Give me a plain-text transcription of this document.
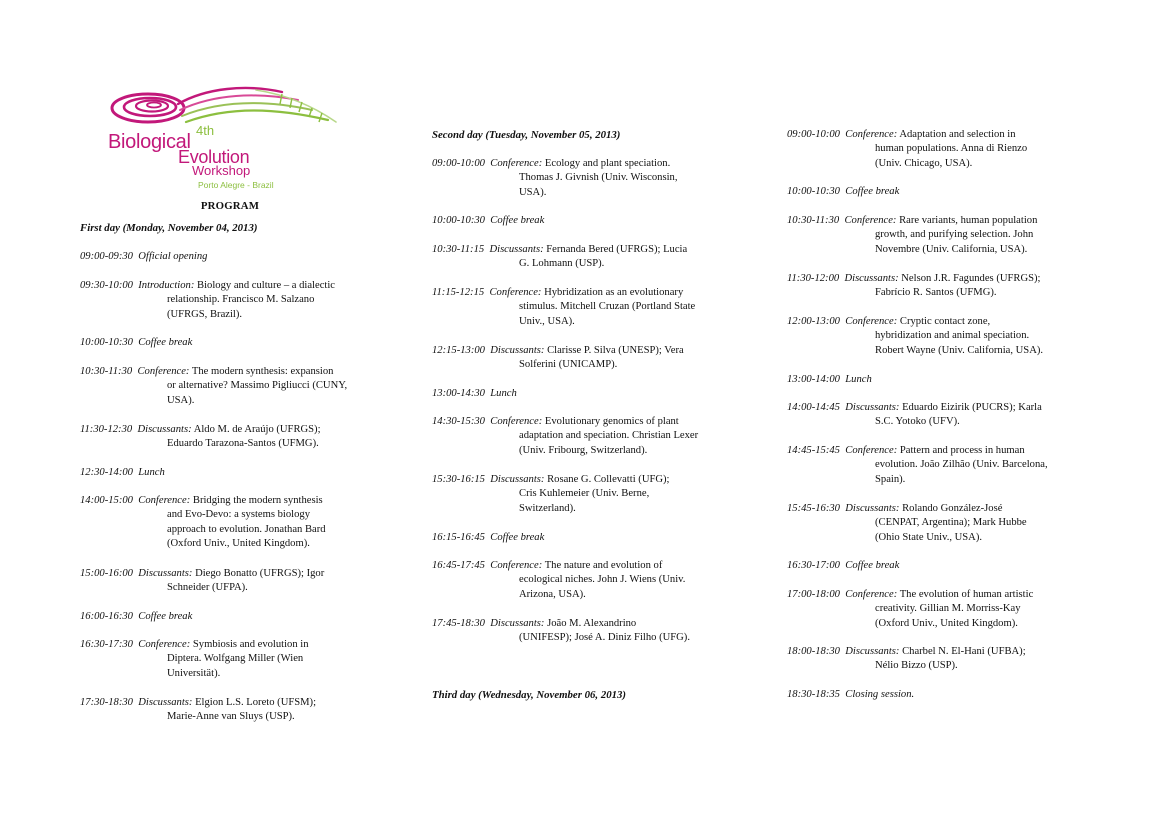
4th
Biological
Evolution
Workshop
Porto Alegre - Brazil
PROGRAM
First day (Monday, November 04, 2013)
Second day (Tuesday, November 05, 2013)
Third day (Wednesday, November 06, 2013)
09:00-09:30 Official opening
09:30-10:00 Introduction: Biology and culture – a dialectic
relationship. Francisco M. Salzano
(UFRGS, Brazil).
10:00-10:30 Coffee break
10:30-11:30 Conference: The modern synthesis: expansion
or alternative? Massimo Pigliucci (CUNY,
USA).
11:30-12:30 Discussants: Aldo M. de Araújo (UFRGS);
Eduardo Tarazona-Santos (UFMG).
12:30-14:00 Lunch
14:00-15:00 Conference: Bridging the modern synthesis
and Evo-Devo: a systems biology
approach to evolution. Jonathan Bard
(Oxford Univ., United Kingdom).
15:00-16:00 Discussants: Diego Bonatto (UFRGS); Igor
Schneider (UFPA).
16:00-16:30 Coffee break
16:30-17:30 Conference: Symbiosis and evolution in
Diptera. Wolfgang Miller (Wien
Universität).
17:30-18:30 Discussants: Elgion L.S. Loreto (UFSM);
Marie-Anne van Sluys (USP).
09:00-10:00 Conference: Ecology and plant speciation.
Thomas J. Givnish (Univ. Wisconsin,
USA).
10:00-10:30 Coffee break
10:30-11:15 Discussants: Fernanda Bered (UFRGS); Lucia
G. Lohmann (USP).
11:15-12:15 Conference: Hybridization as an evolutionary
stimulus. Mitchell Cruzan (Portland State
Univ., USA).
12:15-13:00 Discussants: Clarisse P. Silva (UNESP); Vera
Solferini (UNICAMP).
13:00-14:30 Lunch
14:30-15:30 Conference: Evolutionary genomics of plant
adaptation and speciation. Christian Lexer
(Univ. Fribourg, Switzerland).
15:30-16:15 Discussants: Rosane G. Collevatti (UFG);
Cris Kuhlemeier (Univ. Berne,
Switzerland).
16:15-16:45 Coffee break
16:45-17:45 Conference: The nature and evolution of
ecological niches. John J. Wiens (Univ.
Arizona, USA).
17:45-18:30 Discussants: João M. Alexandrino
(UNIFESP); José A. Diniz Filho (UFG).
09:00-10:00 Conference: Adaptation and selection in
human populations. Anna di Rienzo
(Univ. Chicago, USA).
10:00-10:30 Coffee break
10:30-11:30 Conference: Rare variants, human population
growth, and purifying selection. John
Novembre (Univ. California, USA).
11:30-12:00 Discussants: Nelson J.R. Fagundes (UFRGS);
Fabrício R. Santos (UFMG).
12:00-13:00 Conference: Cryptic contact zone,
hybridization and animal speciation.
Robert Wayne (Univ. California, USA).
13:00-14:00 Lunch
14:00-14:45 Discussants: Eduardo Eizirik (PUCRS); Karla
S.C. Yotoko (UFV).
14:45-15:45 Conference: Pattern and process in human
evolution. João Zilhão (Univ. Barcelona,
Spain).
15:45-16:30 Discussants: Rolando González-José
(CENPAT, Argentina); Mark Hubbe
(Ohio State Univ., USA).
16:30-17:00 Coffee break
17:00-18:00 Conference: The evolution of human artistic
creativity. Gillian M. Morriss-Kay
(Oxford Univ., United Kingdom).
18:00-18:30 Discussants: Charbel N. El-Hani (UFBA);
Nélio Bizzo (USP).
18:30-18:35 Closing session.
